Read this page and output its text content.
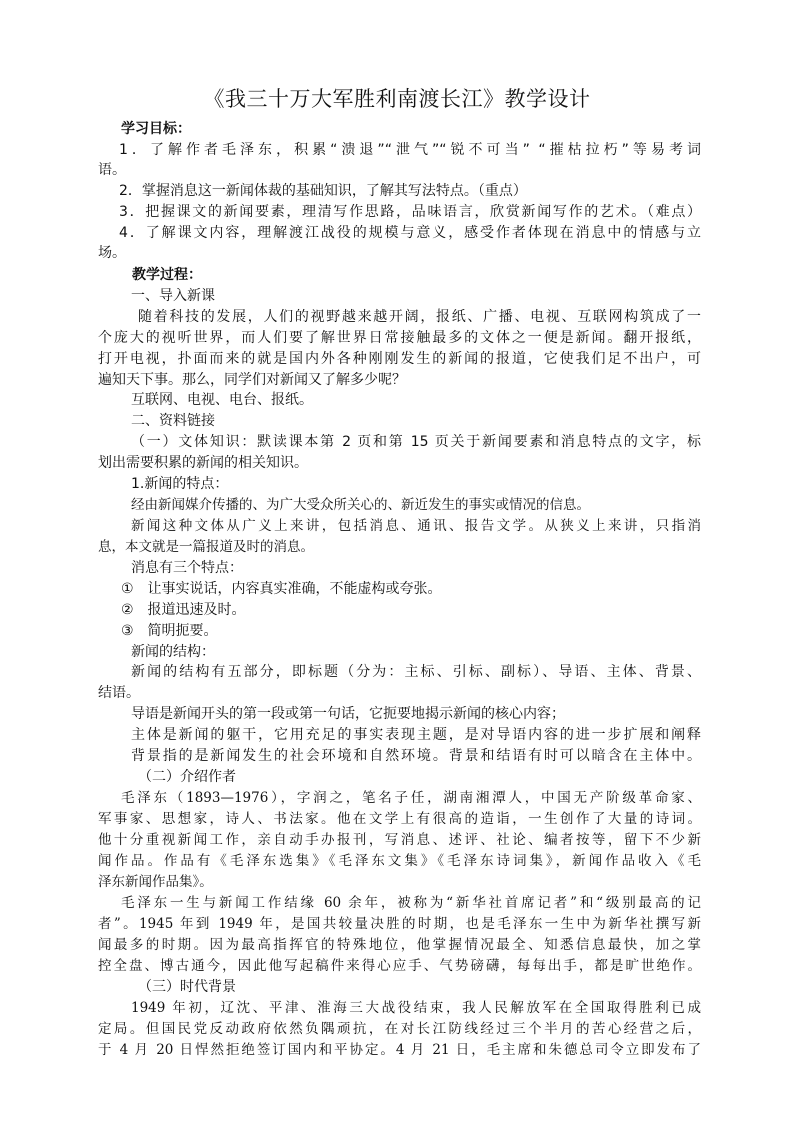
《我三十万大军胜利南渡长江》教学设计
学习目标：
1．了解作者毛泽东，积累“溃退”“泄气”“锐不可当” “摧枯拉朽”等易考词
语。
2．掌握消息这一新闻体裁的基础知识，了解其写法特点。（重点）
3．把握课文的新闻要素，理清写作思路，品味语言，欣赏新闻写作的艺术。（难点）
4．了解课文内容，理解渡江战役的规模与意义，感受作者体现在消息中的情感与立
场。
教学过程：
一、导入新课
随着科技的发展，人们的视野越来越开阔，报纸、广播、电视、互联网构筑成了一
个庞大的视听世界，而人们要了解世界日常接触最多的文体之一便是新闻。翻开报纸，
打开电视，扑面而来的就是国内外各种刚刚发生的新闻的报道，它使我们足不出户，可
遍知天下事。那么，同学们对新闻又了解多少呢？
互联网、电视、电台、报纸。
二、资料链接
（一）文体知识：默读课本第 2 页和第 15 页关于新闻要素和消息特点的文字，标
划出需要积累的新闻的相关知识。
1.新闻的特点：
经由新闻媒介传播的、为广大受众所关心的、新近发生的事实或情况的信息。
新闻这种文体从广义上来讲，包括消息、通讯、报告文学。从狭义上来讲，只指消
息，本文就是一篇报道及时的消息。
消息有三个特点：
①　让事实说话，内容真实准确，不能虚构或夸张。
②　报道迅速及时。
③　简明扼要。
新闻的结构：
新闻的结构有五部分，即标题（分为：主标、引标、副标）、导语、主体、背景、
结语。
导语是新闻开头的第一段或第一句话，它扼要地揭示新闻的核心内容；
主体是新闻的躯干，它用充足的事实表现主题，是对导语内容的进一步扩展和阐释
背景指的是新闻发生的社会环境和自然环境。背景和结语有时可以暗含在主体中。
（二）介绍作者
毛泽东（1893—1976），字润之，笔名子任，湖南湘潭人，中国无产阶级革命家、
军事家、思想家，诗人、书法家。他在文学上有很高的造诣，一生创作了大量的诗词。
他十分重视新闻工作，亲自动手办报刊，写消息、述评、社论、编者按等，留下不少新
闻作品。作品有《毛泽东选集》《毛泽东文集》《毛泽东诗词集》，新闻作品收入《毛
泽东新闻作品集》。
毛泽东一生与新闻工作结缘 60 余年，被称为“新华社首席记者”和“级别最高的记
者”。1945 年到 1949 年，是国共较量决胜的时期，也是毛泽东一生中为新华社撰写新
闻最多的时期。因为最高指挥官的特殊地位，他掌握情况最全、知悉信息最快，加之掌
控全盘、博古通今，因此他写起稿件来得心应手、气势磅礴，每每出手，都是旷世绝作。
（三）时代背景
1949 年初，辽沈、平津、淮海三大战役结束，我人民解放军在全国取得胜利已成
定局。但国民党反动政府依然负隅顽抗，在对长江防线经过三个半月的苦心经营之后，
于 4 月 20 日悍然拒绝签订国内和平协定。4 月 21 日，毛主席和朱德总司令立即发布了
